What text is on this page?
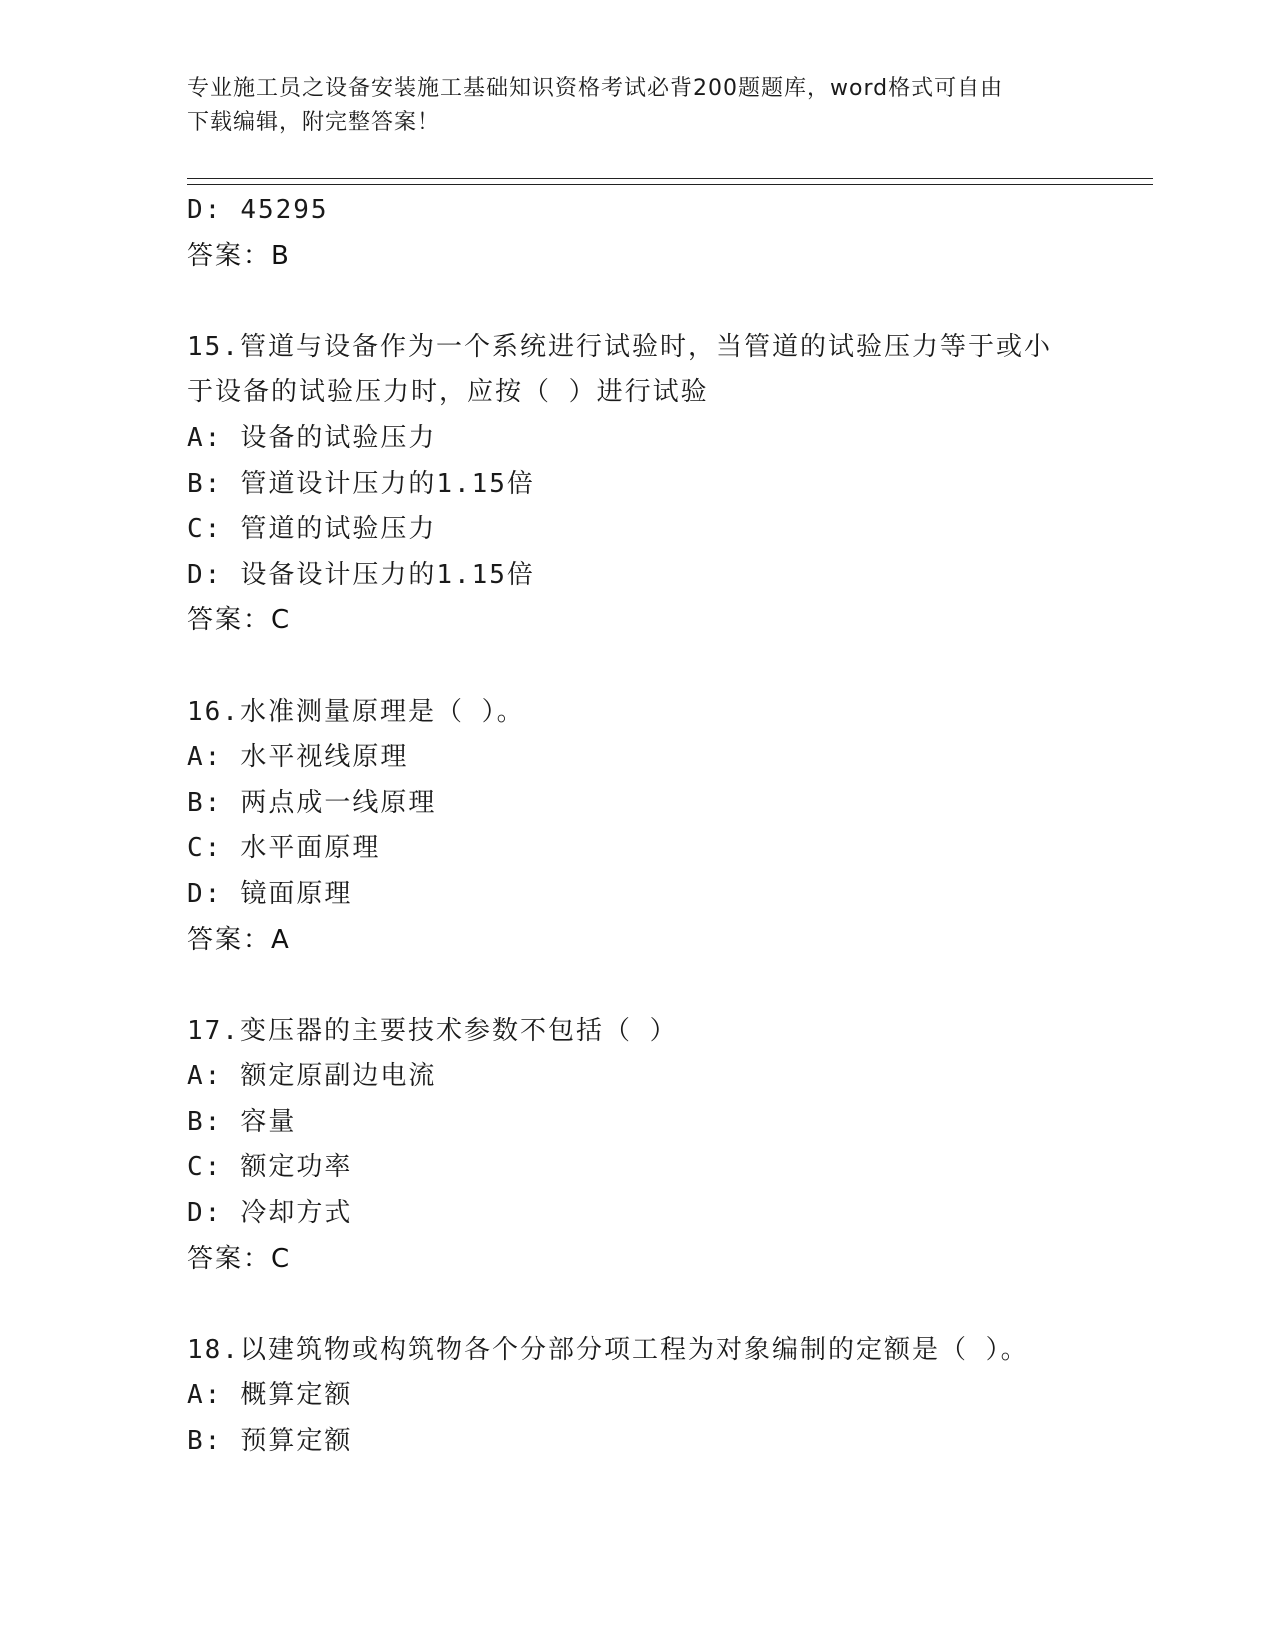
专业施工员之设备安装施工基础知识资格考试必背200题题库，word格式可自由
下载编辑，附完整答案！
D: 45295
答案：B
15.管道与设备作为一个系统进行试验时，当管道的试验压力等于或小
于设备的试验压力时，应按（ ）进行试验
A: 设备的试验压力
B: 管道设计压力的1.15倍
C: 管道的试验压力
D: 设备设计压力的1.15倍
答案：C
16.水准测量原理是（ ）。
A: 水平视线原理
B: 两点成一线原理
C: 水平面原理
D: 镜面原理
答案：A
17.变压器的主要技术参数不包括（ ）
A: 额定原副边电流
B: 容量
C: 额定功率
D: 冷却方式
答案：C
18.以建筑物或构筑物各个分部分项工程为对象编制的定额是（ ）。
A: 概算定额
B: 预算定额
